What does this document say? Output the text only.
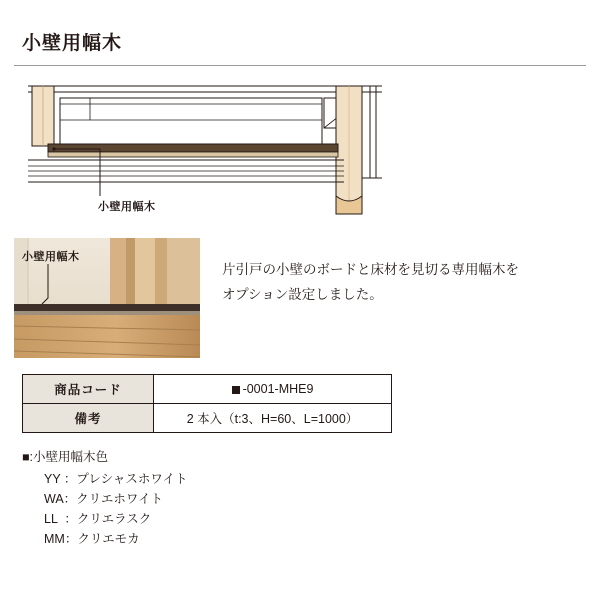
小壁用幅木
小壁用幅木
小壁用幅木
片引戸の小壁のボードと床材を見切る専用幅木を
オプション設定しました。
商品コード	-0001-MHE9
備考	2 本入（t:3、H=60、L=1000）
■:小壁用幅木色
YY ：プレシャスホワイト
WA：クリエホワイト
LL  ：クリエラスク
MM：クリエモカ
